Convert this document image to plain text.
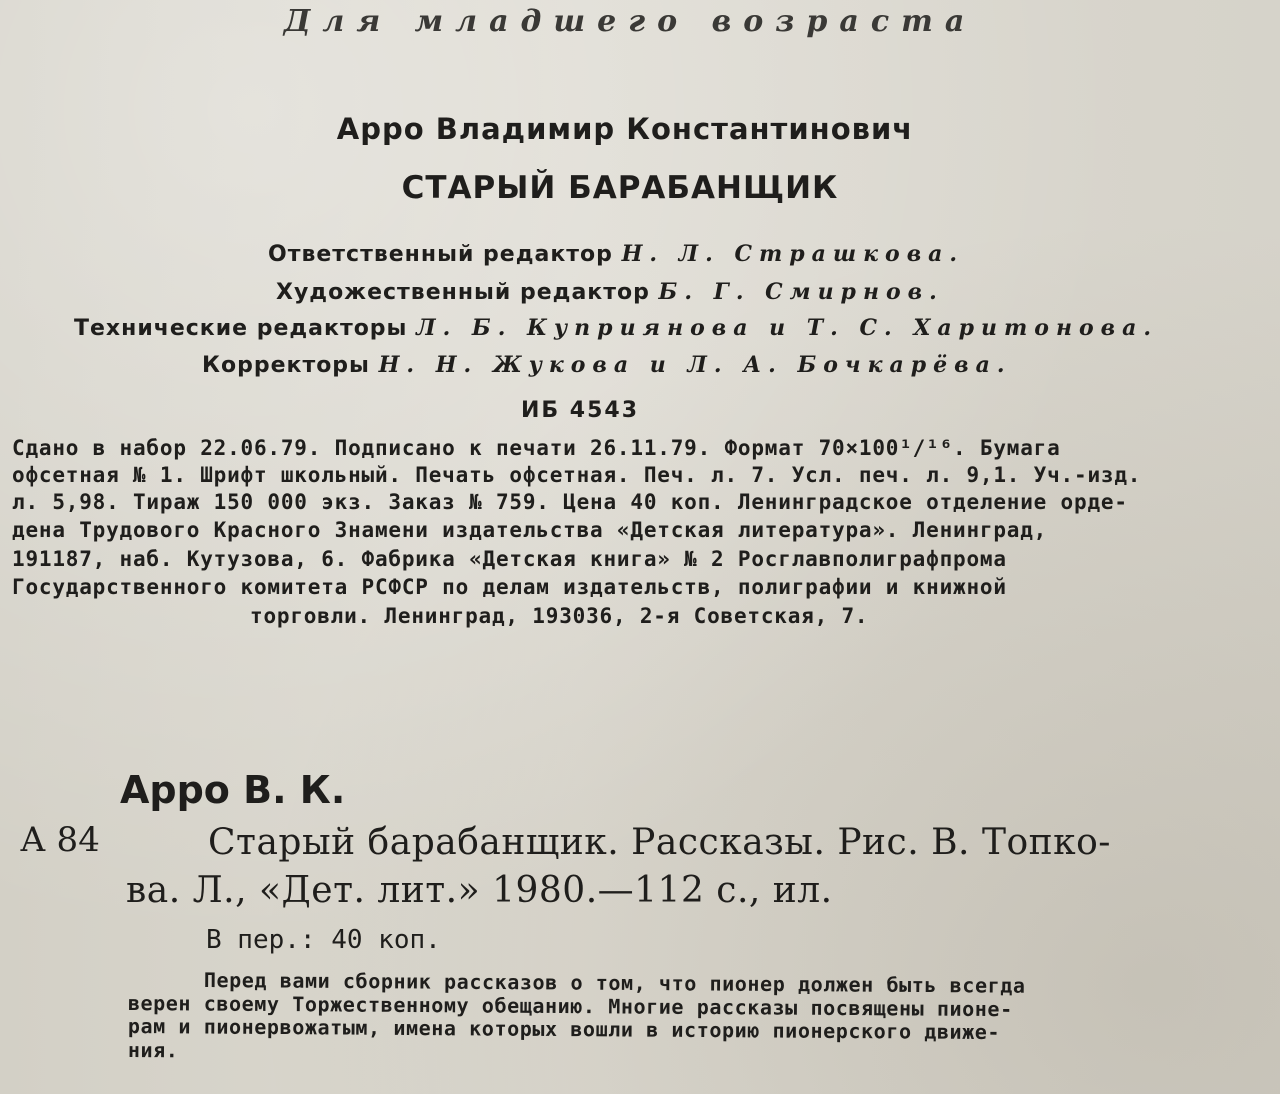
Для младшего возраста
Арро Владимир Константинович
СТАРЫЙ БАРАБАНЩИК
Ответственный редактор Н. Л. Страшкова.
Художественный редактор Б. Г. Смирнов.
Технические редакторы Л. Б. Куприянова и Т. С. Харитонова.
Корректоры Н. Н. Жукова и Л. А. Бочкарёва.
ИБ 4543
Сдано в набор 22.06.79. Подписано к печати 26.11.79. Формат 70×100¹/¹⁶. Бумага
офсетная № 1. Шрифт школьный. Печать офсетная. Печ. л. 7. Усл. печ. л. 9,1. Уч.-изд.
л. 5,98. Тираж 150 000 экз. Заказ № 759. Цена 40 коп. Ленинградское отделение орде-
дена Трудового Красного Знамени издательства «Детская литература». Ленинград,
191187, наб. Кутузова, 6. Фабрика «Детская книга» № 2 Росглавполиграфпрома
Государственного комитета РСФСР по делам издательств, полиграфии и книжной
торговли. Ленинград, 193036, 2-я Советская, 7.
Арро В. К.
А 84	Старый барабанщик. Рассказы. Рис. В. Топко-
ва. Л., «Дет. лит.» 1980.—112 с., ил.
В пер.: 40 коп.
Перед вами сборник рассказов о том, что пионер должен быть всегда
верен своему Торжественному обещанию. Многие рассказы посвящены пионе-
рам и пионервожатым, имена которых вошли в историю пионерского движе-
ния.
